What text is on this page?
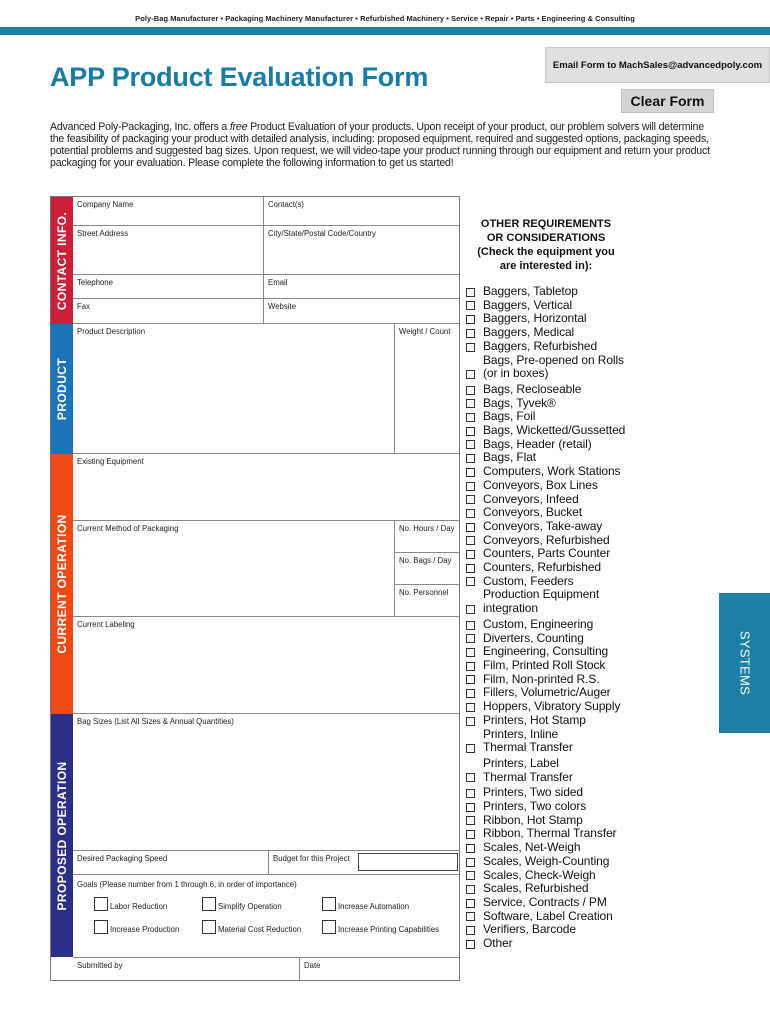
Poly-Bag Manufacturer • Packaging Machinery Manufacturer • Refurbished Machinery • Service • Repair • Parts • Engineering & Consulting
Email Form to MachSales@advancedpoly.com
Clear Form
APP Product Evaluation Form
Advanced Poly-Packaging, Inc. offers a free Product Evaluation of your products. Upon receipt of your product, our problem solvers will determine the feasibility of packaging your product with detailed analysis, including: proposed equipment, required and suggested options, packaging speeds, potential problems and suggested bag sizes. Upon request, we will video-tape your product running through our equipment and return your product packaging for your evaluation. Please complete the following information to get us started!
CONTACT INFO.
PRODUCT
CURRENT OPERATION
PROPOSED OPERATION
Company Name	Contact(s)
Street Address	City/State/Postal Code/Country
Telephone	Email
Fax	Website
Product Description	Weight / Count
Existing Equipment
Current Method of Packaging	No. Hours / Day
No. Bags / Day
No. Personnel
Current Labeling
Bag Sizes (List All Sizes & Annual Quantities)
Desired Packaging Speed	Budget for this Project
Goals (Please number from 1 through 6, in order of importance)
Labor Reduction	Simplify Operation	Increase Automation
Increase Production	Material Cost Reduction	Increase Printing Capabilities
Submitted by	Date
OTHER REQUIREMENTS
OR CONSIDERATIONS
(Check the equipment you
are interested in):
Baggers, Tabletop
Baggers, Vertical
Baggers, Horizontal
Baggers, Medical
Baggers, Refurbished
Bags, Pre-opened on Rolls
(or in boxes)
Bags, Recloseable
Bags, Tyvek®
Bags, Foil
Bags, Wicketted/Gussetted
Bags, Header (retail)
Bags, Flat
Computers, Work Stations
Conveyors, Box Lines
Conveyors, Infeed
Conveyors, Bucket
Conveyors, Take-away
Conveyors, Refurbished
Counters, Parts Counter
Counters, Refurbished
Custom, Feeders
Production Equipment
integration
Custom, Engineering
Diverters, Counting
Engineering, Consulting
Film, Printed Roll Stock
Film, Non-printed R.S.
Fillers, Volumetric/Auger
Hoppers, Vibratory Supply
Printers, Hot Stamp
Printers, Inline
Thermal Transfer
Printers, Label
Thermal Transfer
Printers, Two sided
Printers, Two colors
Ribbon, Hot Stamp
Ribbon, Thermal Transfer
Scales, Net-Weigh
Scales, Weigh-Counting
Scales, Check-Weigh
Scales, Refurbished
Service, Contracts / PM
Software, Label Creation
Verifiers, Barcode
Other
SYSTEMS
